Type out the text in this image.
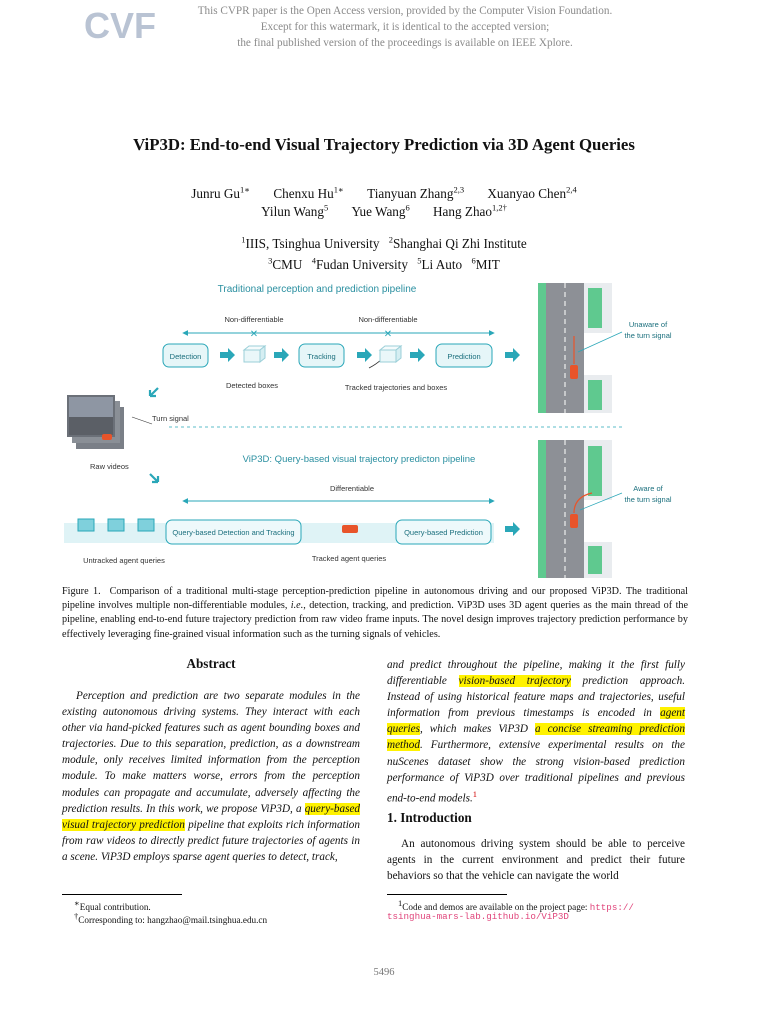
CVF	This CVPR paper is the Open Access version, provided by the Computer Vision Foundation.
Except for this watermark, it is identical to the accepted version;
the final published version of the proceedings is available on IEEE Xplore.
ViP3D: End-to-end Visual Trajectory Prediction via 3D Agent Queries
Junru $Gu^{1∗}$ Chenxu $Hu^{1∗}$ Tianyuan Zhang$^{2,3}$ Xuanyao Chen$^{2,4}$
Yilun Wang$^5$ Yue Wang$^6$ Hang Zhao$^{1,2\dagger}$
$^1$IIIS, Tsinghua University $^2$Shanghai Qi Zhi Institute
$^3$CMU $^4$Fudan University $^5$Li Auto $^6$MIT
Traditional perception and prediction pipeline
Non-differentiable	Non-differentiable
✕	✕
Detection	Tracking	Prediction
Detected boxes	Tracked trajectories and boxes
Turn signal
Raw videos
ViP3D: Query-based visual trajectory predicton pipeline
Differentiable
Query-based Detection and Tracking	Query-based Prediction
Untracked agent queries	Tracked agent queries
Unaware of
the turn signal
Aware of
the turn signal
Figure 1. Comparison of a traditional multi-stage perception-prediction pipeline in autonomous driving and our proposed ViP3D. The traditional pipeline involves multiple non-differentiable modules, i.e., detection, tracking, and prediction. ViP3D uses 3D agent queries as the main thread of the pipeline, enabling end-to-end future trajectory prediction from raw video frame inputs. The novel design improves trajectory prediction performance by effectively leveraging fine-grained visual information such as the turning signals of vehicles.
Abstract
Perception and prediction are two separate modules in the existing autonomous driving systems. They interact with each other via hand-picked features such as agent bounding boxes and trajectories. Due to this separation, prediction, as a downstream module, only receives limited information from the perception module. To make matters worse, errors from the perception modules can propagate and accumulate, adversely affecting the prediction results. In this work, we propose ViP3D, a query-based visual trajectory prediction pipeline that exploits rich information from raw videos to directly predict future trajectories of agents in a scene. ViP3D employs sparse agent queries to detect, track,
and predict throughout the pipeline, making it the first fully differentiable vision-based trajectory prediction approach. Instead of using historical feature maps and trajectories, useful information from previous timestamps is encoded in agent queries, which makes ViP3D a concise streaming prediction method. Furthermore, extensive experimental results on the nuScenes dataset show the strong vision-based prediction performance of ViP3D over traditional pipelines and previous end-to-end models.$^1$
1. Introduction
An autonomous driving system should be able to perceive agents in the current environment and predict their future behaviors so that the vehicle can navigate the world
∗Equal contribution.
†Corresponding to: hangzhao@mail.tsinghua.edu.cn
$^1$Code and demos are available on the project page: https://
tsinghua-mars-lab.github.io/ViP3D
5496
